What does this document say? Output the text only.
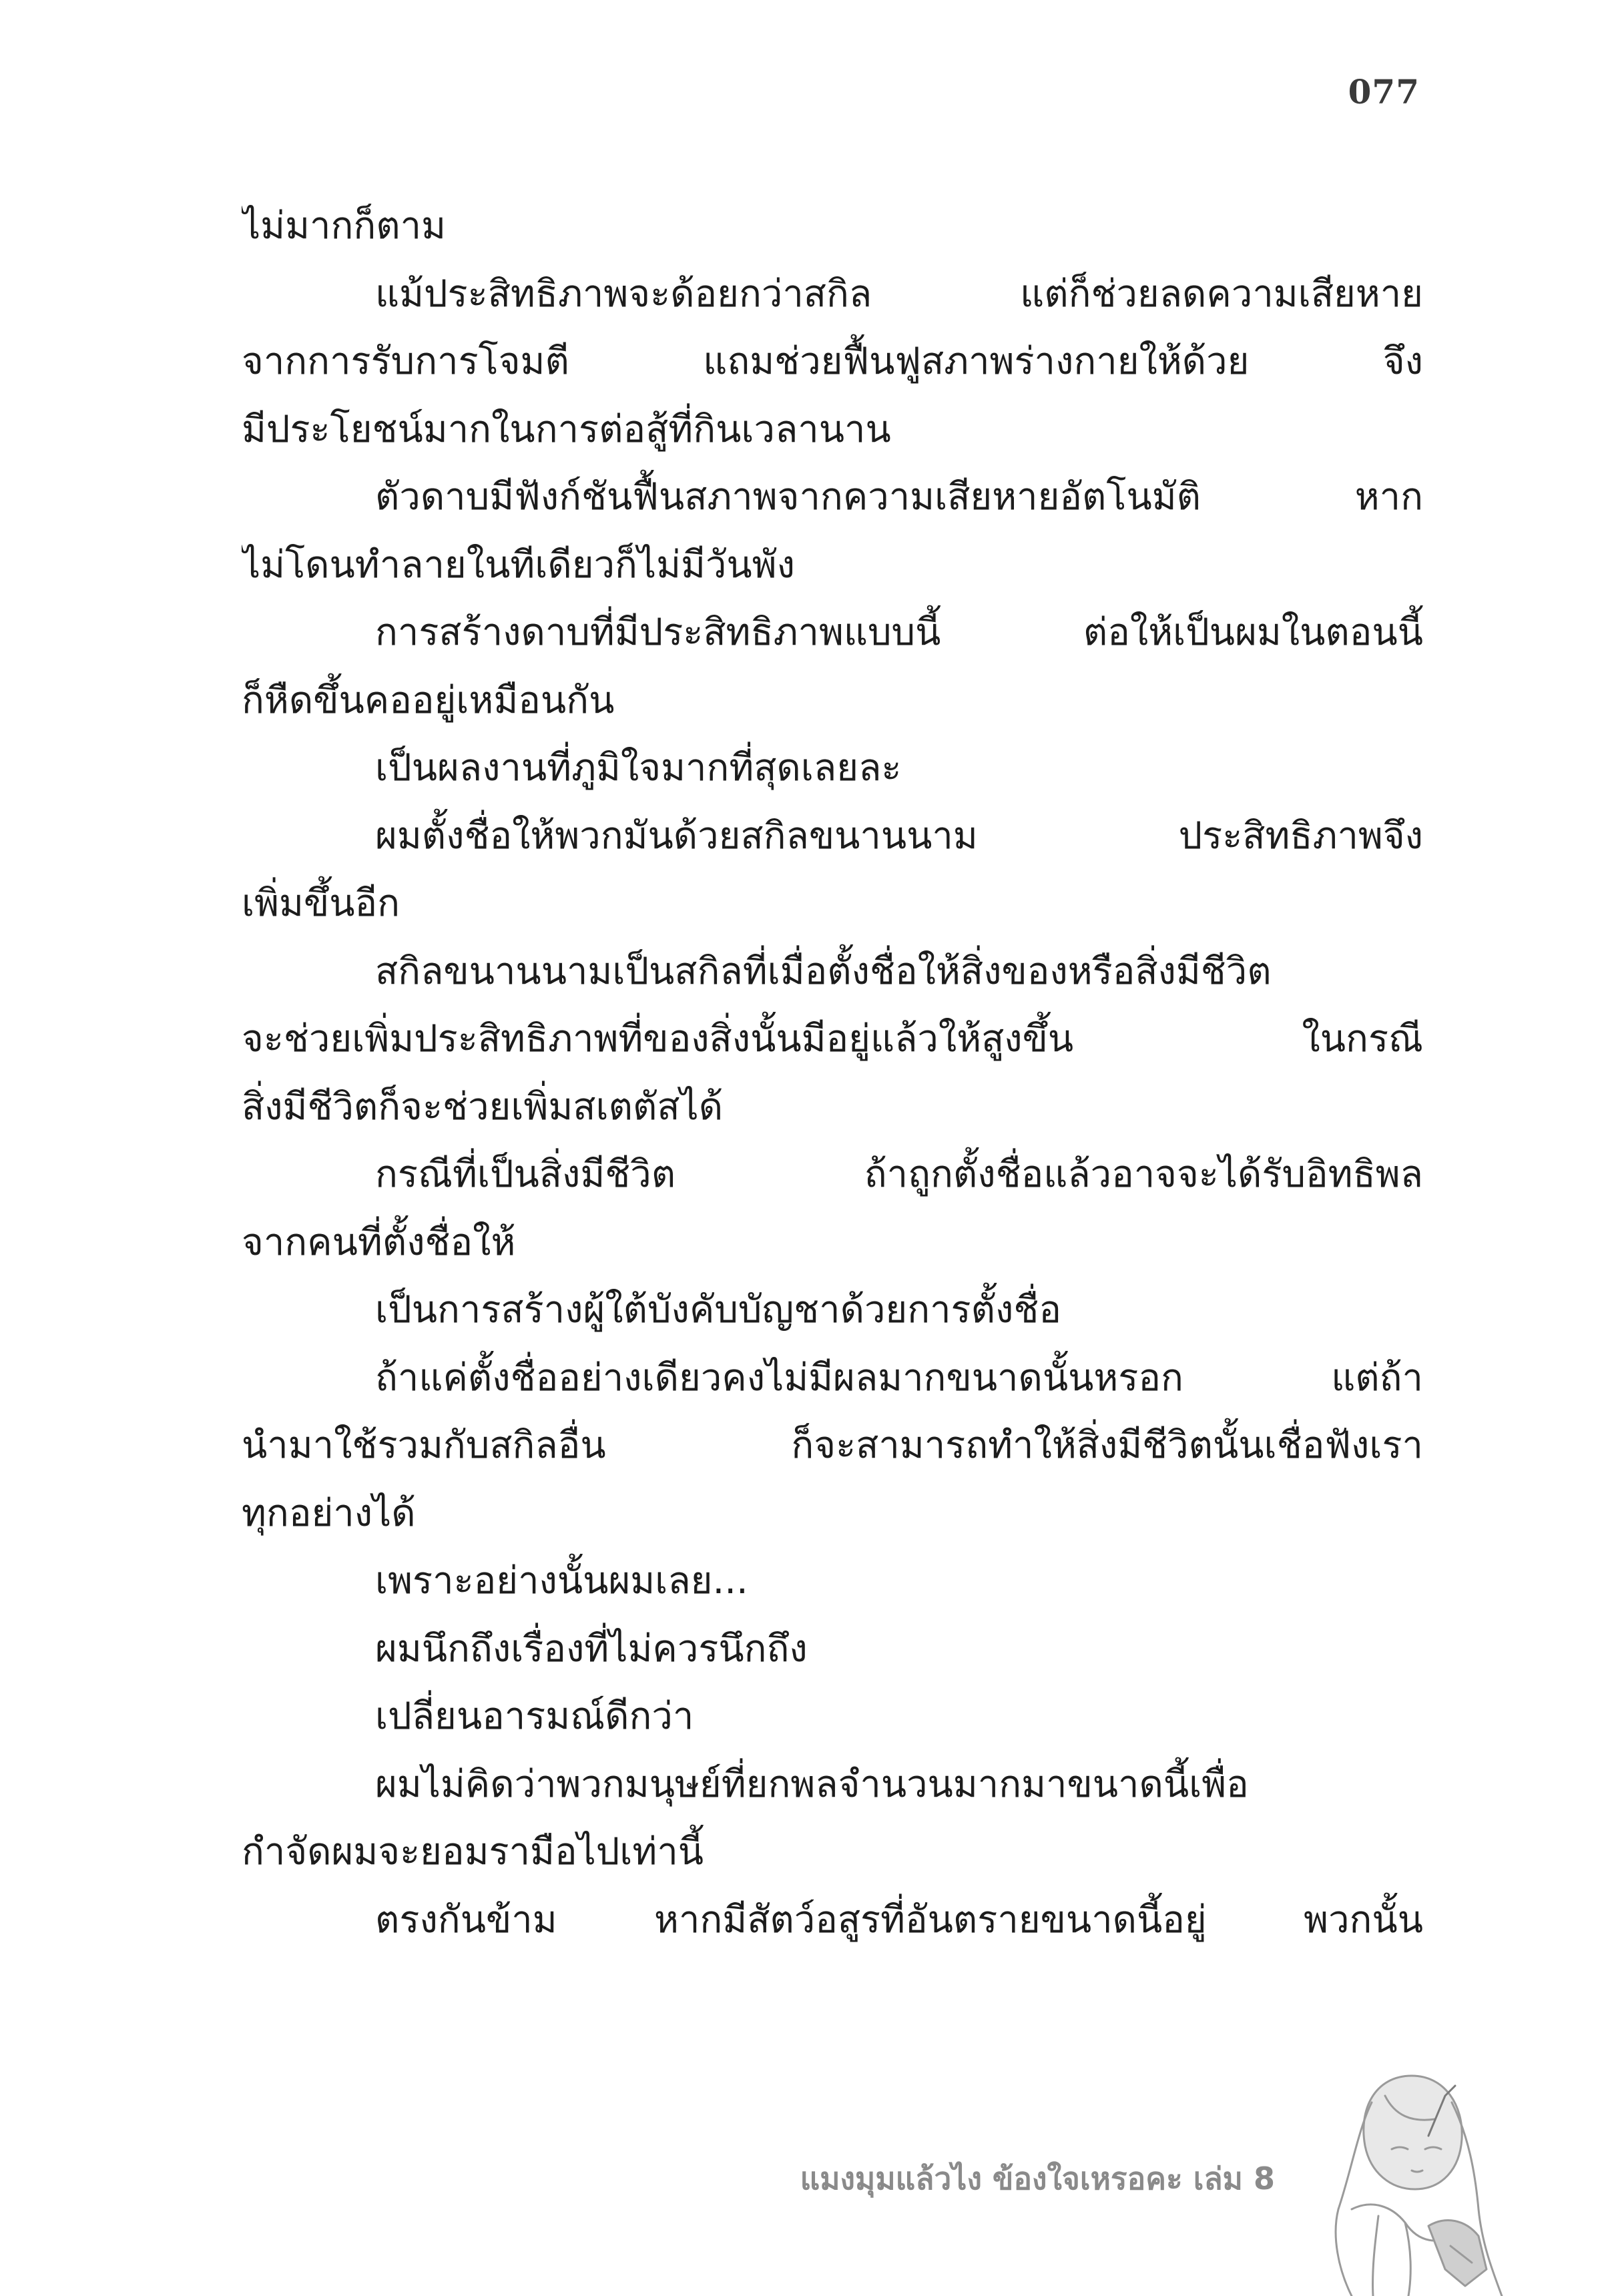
077
ไม่มากก็ตาม
แม้ประสิทธิภาพจะด้อยกว่าสกิล แต่ก็ช่วยลดความเสียหาย
จากการรับการโจมตี แถมช่วยฟื้นฟูสภาพร่างกายให้ด้วย จึง
มีประโยชน์มากในการต่อสู้ที่กินเวลานาน
ตัวดาบมีฟังก์ชันฟื้นสภาพจากความเสียหายอัตโนมัติ หาก
ไม่โดนทำลายในทีเดียวก็ไม่มีวันพัง
การสร้างดาบที่มีประสิทธิภาพแบบนี้ ต่อให้เป็นผมในตอนนี้
ก็หืดขึ้นคออยู่เหมือนกัน
เป็นผลงานที่ภูมิใจมากที่สุดเลยละ
ผมตั้งชื่อให้พวกมันด้วยสกิลขนานนาม ประสิทธิภาพจึง
เพิ่มขึ้นอีก
สกิลขนานนามเป็นสกิลที่เมื่อตั้งชื่อให้สิ่งของหรือสิ่งมีชีวิต
จะช่วยเพิ่มประสิทธิภาพที่ของสิ่งนั้นมีอยู่แล้วให้สูงขึ้น ในกรณี
สิ่งมีชีวิตก็จะช่วยเพิ่มสเตตัสได้
กรณีที่เป็นสิ่งมีชีวิต ถ้าถูกตั้งชื่อแล้วอาจจะได้รับอิทธิพล
จากคนที่ตั้งชื่อให้
เป็นการสร้างผู้ใต้บังคับบัญชาด้วยการตั้งชื่อ
ถ้าแค่ตั้งชื่ออย่างเดียวคงไม่มีผลมากขนาดนั้นหรอก แต่ถ้า
นำมาใช้รวมกับสกิลอื่น ก็จะสามารถทำให้สิ่งมีชีวิตนั้นเชื่อฟังเรา
ทุกอย่างได้
เพราะอย่างนั้นผมเลย...
ผมนึกถึงเรื่องที่ไม่ควรนึกถึง
เปลี่ยนอารมณ์ดีกว่า
ผมไม่คิดว่าพวกมนุษย์ที่ยกพลจำนวนมากมาขนาดนี้เพื่อ
กำจัดผมจะยอมรามือไปเท่านี้
ตรงกันข้าม หากมีสัตว์อสูรที่อันตรายขนาดนี้อยู่ พวกนั้น
แมงมุมแล้วไง ข้องใจเหรอคะ เล่ม 8
